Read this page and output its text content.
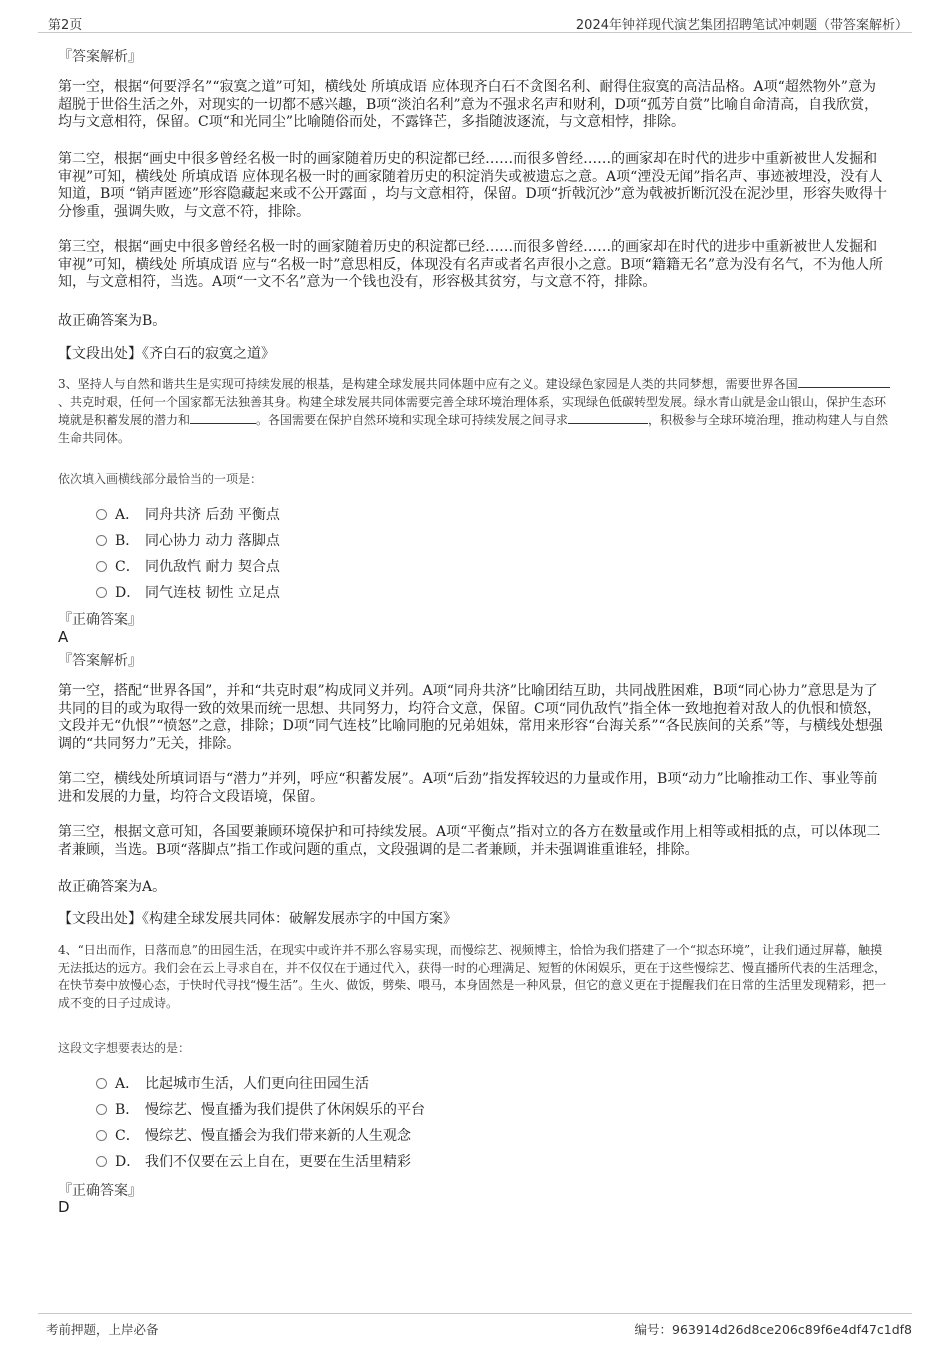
第2页	2024年钟祥现代演艺集团招聘笔试冲刺题（带答案解析）
『答案解析』

第一空，根据“何要浮名”“寂寞之道”可知，横线处 所填成语 应体现齐白石不贪图名利、耐得住寂寞的高洁品格。A项“超然物外”意为超脱于世俗生活之外，对现实的一切都不感兴趣，B项“淡泊名利”意为不强求名声和财利，D项“孤芳自赏”比喻自命清高，自我欣赏，均与文意相符，保留。C项“和光同尘”比喻随俗而处，不露锋芒，多指随波逐流，与文意相悖，排除。

第二空，根据“画史中很多曾经名极一时的画家随着历史的积淀都已经……而很多曾经……的画家却在时代的进步中重新被世人发掘和审视”可知，横线处 所填成语 应体现名极一时的画家随着历史的积淀消失或被遗忘之意。A项“湮没无闻”指名声、事迹被埋没，没有人知道，B项 “销声匿迹”形容隐藏起来或不公开露面 ，均与文意相符，保留。D项“折戟沉沙”意为戟被折断沉没在泥沙里，形容失败得十分惨重，强调失败，与文意不符，排除。

第三空，根据“画史中很多曾经名极一时的画家随着历史的积淀都已经……而很多曾经……的画家却在时代的进步中重新被世人发掘和审视”可知，横线处 所填成语 应与“名极一时”意思相反，体现没有名声或者名声很小之意。B项“籍籍无名”意为没有名气，不为他人所知，与文意相符，当选。A项“一文不名”意为一个钱也没有，形容极其贫穷，与文意不符，排除。

故正确答案为B。
【文段出处】《齐白石的寂寞之道》

3、坚持人与自然和谐共生是实现可持续发展的根基，是构建全球发展共同体题中应有之义。建设绿色家园是人类的共同梦想，需要世界各国、共克时艰，任何一个国家都无法独善其身。构建全球发展共同体需要完善全球环境治理体系，实现绿色低碳转型发展。绿水青山就是金山银山，保护生态环境就是积蓄发展的潜力和	。各国需要在保护自然环境和实现全球可持续发展之间寻求	，积极参与全球环境治理，推动构建人与自然生命共同体。

依次填入画横线部分最恰当的一项是：
A． 同舟共济 后劲 平衡点
B． 同心协力 动力 落脚点
C． 同仇敌忾 耐力 契合点
D． 同气连枝 韧性 立足点
『正确答案』
A
『答案解析』

第一空，搭配“世界各国”，并和“共克时艰”构成同义并列。A项“同舟共济”比喻团结互助，共同战胜困难，B项“同心协力”意思是为了共同的目的或为取得一致的效果而统一思想、共同努力，均符合文意，保留。C项“同仇敌忾”指全体一致地抱着对敌人的仇恨和愤怒，文段并无“仇恨”“愤怒”之意，排除；D项“同气连枝”比喻同胞的兄弟姐妹，常用来形容“台海关系”“各民族间的关系”等，与横线处想强调的“共同努力”无关，排除。

第二空，横线处所填词语与“潜力”并列，呼应“积蓄发展”。A项“后劲”指发挥较迟的力量或作用，B项“动力”比喻推动工作、事业等前进和发展的力量，均符合文段语境，保留。

第三空，根据文意可知，各国要兼顾环境保护和可持续发展。A项“平衡点”指对立的各方在数量或作用上相等或相抵的点，可以体现二者兼顾，当选。B项“落脚点”指工作或问题的重点，文段强调的是二者兼顾，并未强调谁重谁轻，排除。

故正确答案为A。
【文段出处】《构建全球发展共同体：破解发展赤字的中国方案》

4、“日出而作，日落而息”的田园生活，在现实中或许并不那么容易实现，而慢综艺、视频博主，恰恰为我们搭建了一个“拟态环境”，让我们通过屏幕，触摸无法抵达的远方。我们会在云上寻求自在，并不仅仅在于通过代入，获得一时的心理满足、短暂的休闲娱乐，更在于这些慢综艺、慢直播所代表的生活理念，在快节奏中放慢心态，于快时代寻找“慢生活”。生火、做饭，劈柴、喂马，本身固然是一种风景，但它的意义更在于提醒我们在日常的生活里发现精彩，把一成不变的日子过成诗。

这段文字想要表达的是：
A． 比起城市生活，人们更向往田园生活
B． 慢综艺、慢直播为我们提供了休闲娱乐的平台
C． 慢综艺、慢直播会为我们带来新的人生观念
D． 我们不仅要在云上自在，更要在生活里精彩
『正确答案』
D
考前押题，上岸必备	编号：963914d26d8ce206c89f6e4df47c1df8
